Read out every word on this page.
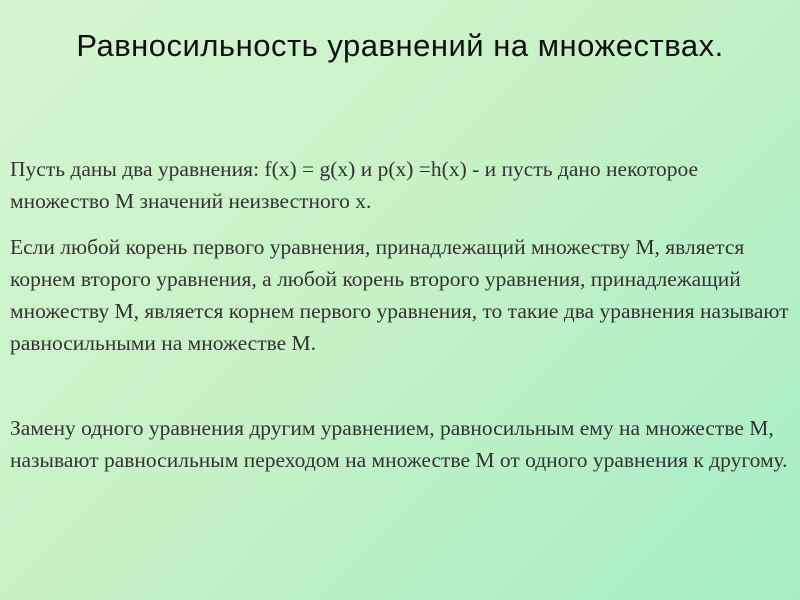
Равносильность уравнений на множествах.

Пусть даны два уравнения: f(x) = g(x) и p(x) =h(x) - и пусть дано некоторое множество М значений неизвестного x.

Если любой корень первого уравнения, принадлежащий множеству М, является корнем второго уравнения, а любой корень второго уравнения, принадлежащий множеству М, является корнем первого уравнения, то такие два уравнения называют равносильными на множестве М.

Замену одного уравнения другим уравнением, равносильным ему на множестве М, называют равносильным переходом на множестве М от одного уравнения к другому.
